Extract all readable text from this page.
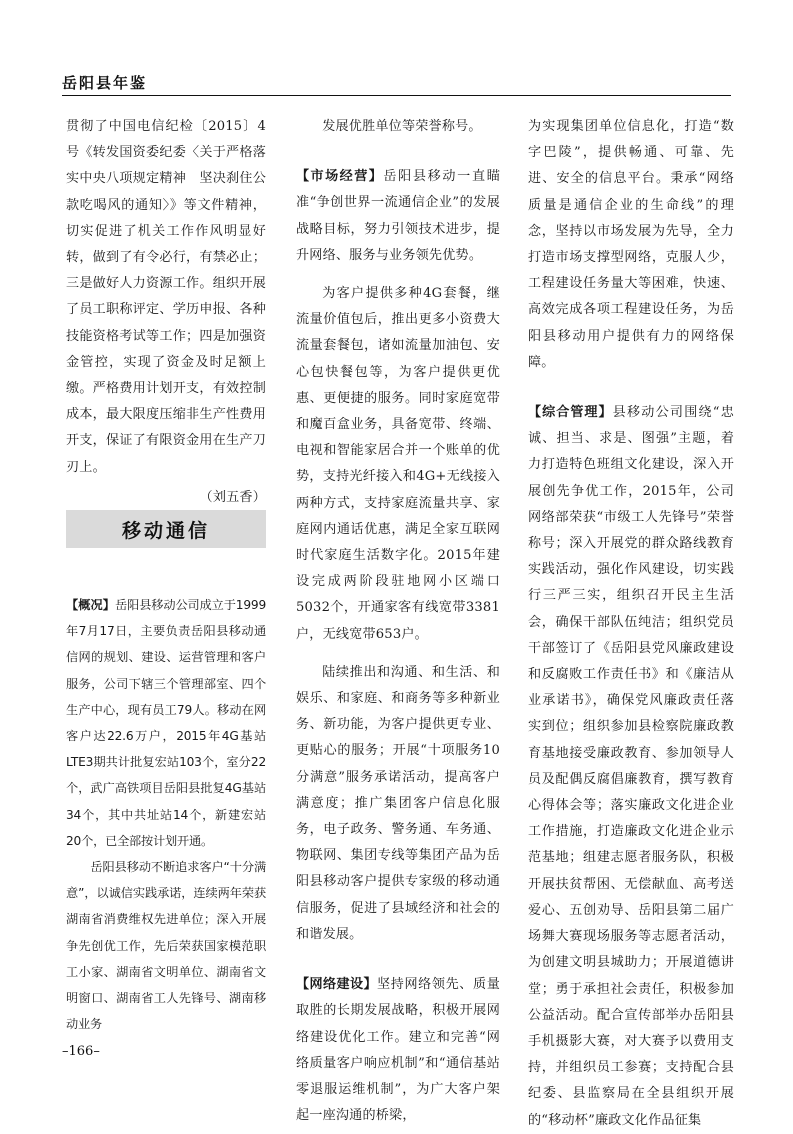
岳阳县年鉴

贯彻了中国电信纪检〔2015〕4号《转发国资委纪委〈关于严格落实中央八项规定精神　坚决刹住公款吃喝风的通知〉》等文件精神，切实促进了机关工作作风明显好转，做到了有令必行，有禁必止；三是做好人力资源工作。组织开展了员工职称评定、学历申报、各种技能资格考试等工作；四是加强资金管控，实现了资金及时足额上缴。严格费用计划开支，有效控制成本，最大限度压缩非生产性费用开支，保证了有限资金用在生产刀刃上。

（刘五香）

移动通信

【概况】岳阳县移动公司成立于1999年7月17日，主要负责岳阳县移动通信网的规划、建设、运营管理和客户服务，公司下辖三个管理部室、四个生产中心，现有员工79人。移动在网客户达22.6万户，2015年4G基站LTE3期共计批复宏站103个，室分22个，武广高铁项目岳阳县批复4G基站34个，其中共址站14个，新建宏站20个，已全部按计划开通。

岳阳县移动不断追求客户“十分满意”，以诚信实践承诺，连续两年荣获湖南省消费维权先进单位；深入开展争先创优工作，先后荣获国家模范职工小家、湖南省文明单位、湖南省文明窗口、湖南省工人先锋号、湖南移动业务

发展优胜单位等荣誉称号。

【市场经营】岳阳县移动一直瞄准“争创世界一流通信企业”的发展战略目标，努力引领技术进步，提升网络、服务与业务领先优势。

为客户提供多种4G套餐，继流量价值包后，推出更多小资费大流量套餐包，诸如流量加油包、安心包快餐包等，为客户提供更优惠、更便捷的服务。同时家庭宽带和魔百盒业务，具备宽带、终端、电视和智能家居合并一个账单的优势，支持光纤接入和4G+无线接入两种方式，支持家庭流量共享、家庭网内通话优惠，满足全家互联网时代家庭生活数字化。2015年建设完成两阶段驻地网小区端口5032个，开通家客有线宽带3381户，无线宽带653户。

陆续推出和沟通、和生活、和娱乐、和家庭、和商务等多种新业务、新功能，为客户提供更专业、更贴心的服务；开展“十项服务10分满意”服务承诺活动，提高客户满意度；推广集团客户信息化服务，电子政务、警务通、车务通、物联网、集团专线等集团产品为岳阳县移动客户提供专家级的移动通信服务，促进了县域经济和社会的和谐发展。

【网络建设】坚持网络领先、质量取胜的长期发展战略，积极开展网络建设优化工作。建立和完善“网络质量客户响应机制”和“通信基站零退服运维机制”，为广大客户架起一座沟通的桥梁，

为实现集团单位信息化，打造“数字巴陵”，提供畅通、可靠、先进、安全的信息平台。秉承“网络质量是通信企业的生命线”的理念，坚持以市场发展为先导，全力打造市场支撑型网络，克服人少，工程建设任务量大等困难，快速、高效完成各项工程建设任务，为岳阳县移动用户提供有力的网络保障。

【综合管理】县移动公司围绕“忠诚、担当、求是、图强”主题，着力打造特色班组文化建设，深入开展创先争优工作，2015年，公司网络部荣获“市级工人先锋号”荣誉称号；深入开展党的群众路线教育实践活动，强化作风建设，切实践行三严三实，组织召开民主生活会，确保干部队伍纯洁；组织党员干部签订了《岳阳县党风廉政建设和反腐败工作责任书》和《廉洁从业承诺书》，确保党风廉政责任落实到位；组织参加县检察院廉政教育基地接受廉政教育、参加领导人员及配偶反腐倡廉教育，撰写教育心得体会等；落实廉政文化进企业工作措施，打造廉政文化进企业示范基地；组建志愿者服务队，积极开展扶贫帮困、无偿献血、高考送爱心、五创劝导、岳阳县第二届广场舞大赛现场服务等志愿者活动，为创建文明县城助力；开展道德讲堂；勇于承担社会责任，积极参加公益活动。配合宣传部举办岳阳县手机摄影大赛，对大赛予以费用支持，并组织员工参赛；支持配合县纪委、县监察局在全县组织开展的“移动杯”廉政文化作品征集

–166–
